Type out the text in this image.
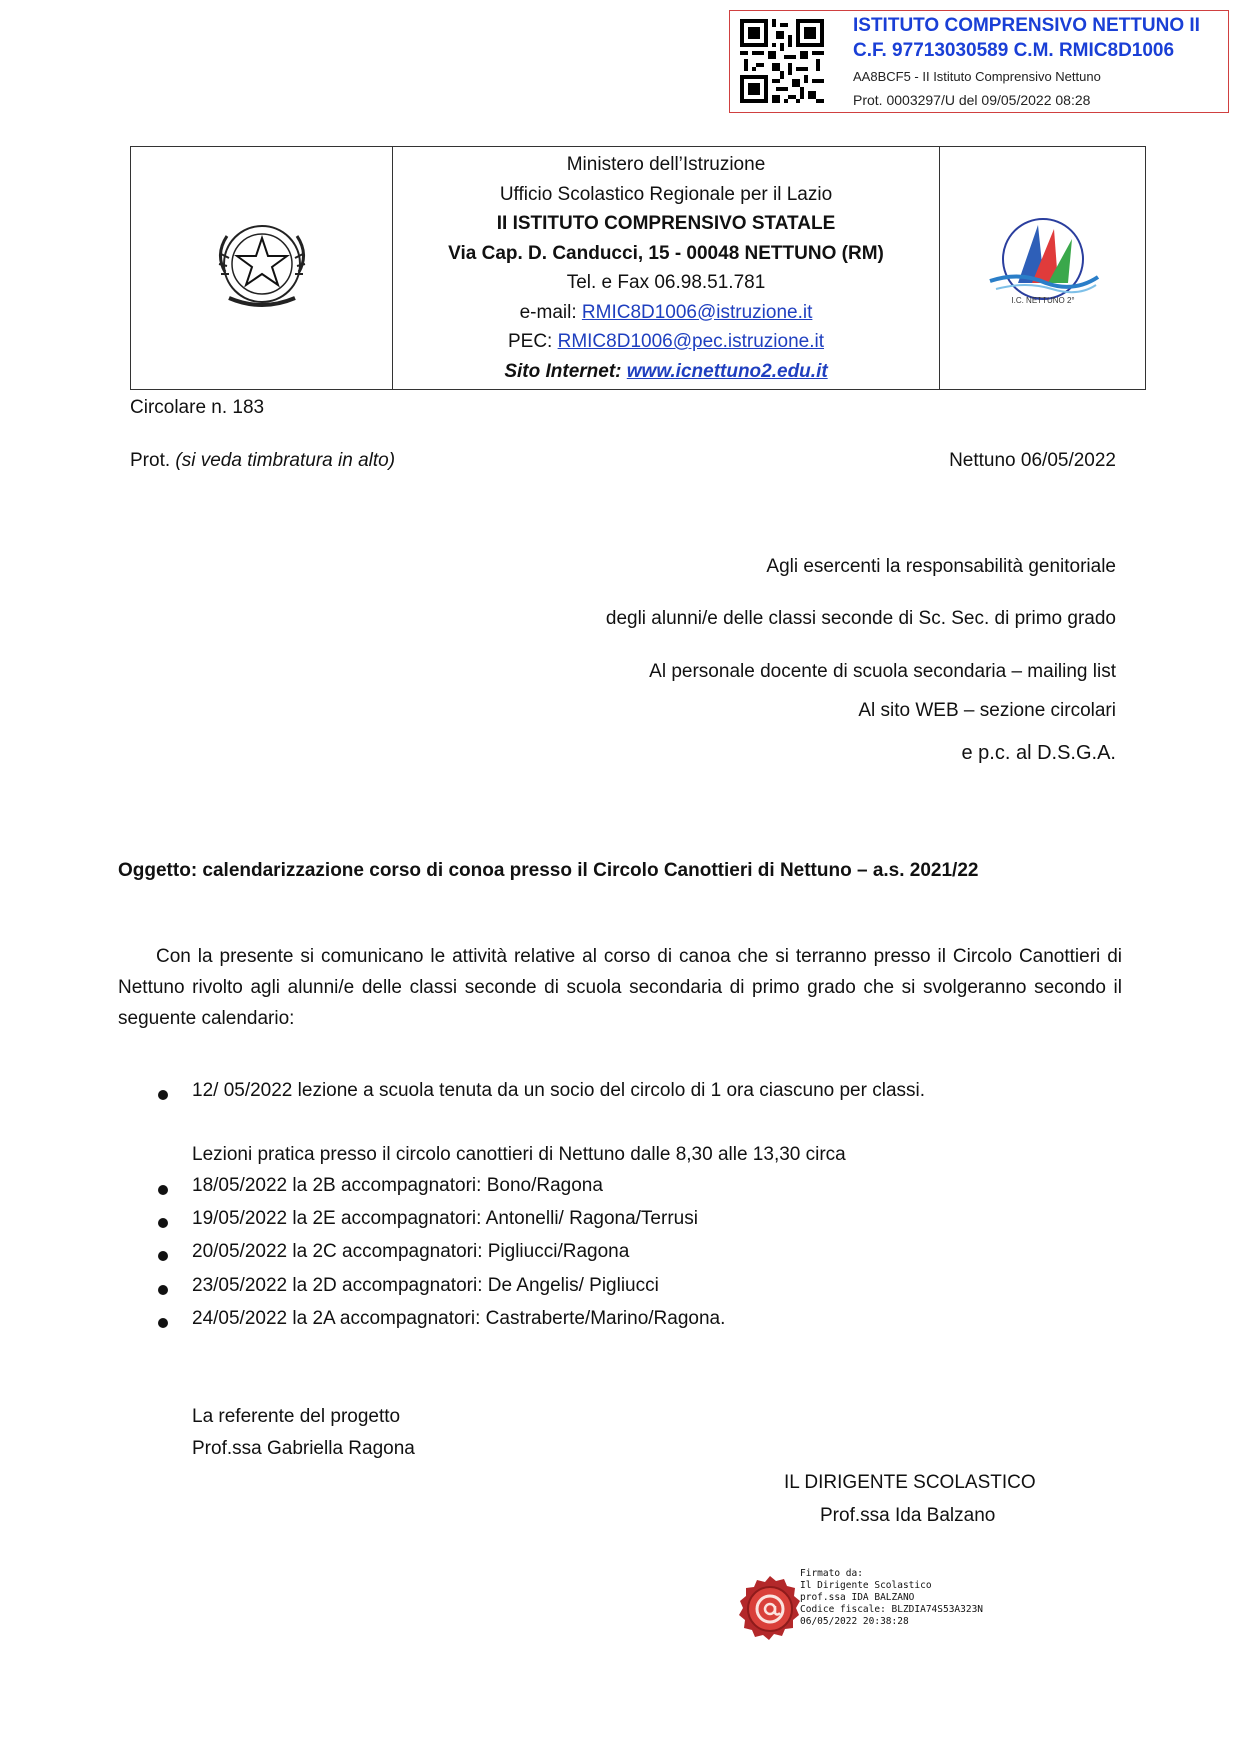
ISTITUTO COMPRENSIVO NETTUNO II
C.F. 97713030589 C.M. RMIC8D1006
AA8BCF5 - II Istituto Comprensivo Nettuno
Prot. 0003297/U del 09/05/2022 08:28

Ministero dell’Istruzione
Ufficio Scolastico Regionale per il Lazio
II ISTITUTO COMPRENSIVO STATALE
Via Cap. D. Canducci, 15 - 00048 NETTUNO (RM)
Tel. e Fax 06.98.51.781
e-mail: RMIC8D1006@istruzione.it
PEC: RMIC8D1006@pec.istruzione.it
Sito Internet: www.icnettuno2.edu.it

I.C. NETTUNO 2°
Circolare n. 183
Prot. (si veda timbratura in alto)	Nettuno 06/05/2022
Agli esercenti la responsabilità genitoriale
degli alunni/e delle classi seconde di Sc. Sec. di primo grado
Al personale docente di scuola secondaria – mailing list
Al sito WEB – sezione circolari
e p.c. al D.S.G.A.
Oggetto: calendarizzazione corso di conoa presso il Circolo Canottieri di Nettuno – a.s. 2021/22
Con la presente si comunicano le attività relative al corso di canoa che si terranno presso il Circolo Canottieri di Nettuno rivolto agli alunni/e delle classi seconde di scuola secondaria di primo grado che si svolgeranno secondo il seguente calendario:
12/ 05/2022 lezione a scuola tenuta da un socio del circolo di 1 ora ciascuno per classi.
Lezioni pratica presso il circolo canottieri di Nettuno dalle 8,30 alle 13,30 circa
18/05/2022 la 2B accompagnatori: Bono/Ragona
19/05/2022 la 2E accompagnatori: Antonelli/ Ragona/Terrusi
20/05/2022 la 2C accompagnatori: Pigliucci/Ragona
23/05/2022 la 2D accompagnatori: De Angelis/ Pigliucci
24/05/2022 la 2A accompagnatori: Castraberte/Marino/Ragona.
La referente del progetto
Prof.ssa Gabriella Ragona
IL DIRIGENTE SCOLASTICO
Prof.ssa Ida Balzano
Firmato da:
Il Dirigente Scolastico
prof.ssa IDA BALZANO
Codice fiscale: BLZDIA74S53A323N
06/05/2022 20:38:28
